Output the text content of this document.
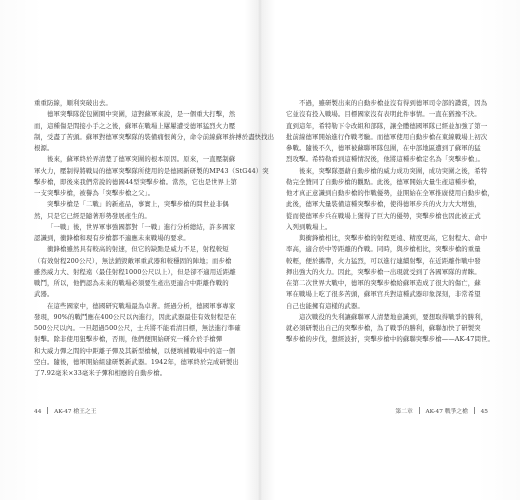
重重防線，順利突破出去。
德軍突擊隊從包圍圈中突圍，這對蘇軍來說，是一個重大打擊，然
而，這種傷是間接小手之之後，蘇軍在戰場上屢屢遭受德軍猛烈火力壓
制，受盡了苦頭。蘇軍對德軍突擊隊的裝備痛恨萬分，命令前線蘇軍拚搏於盡快找出
根源。
後來，蘇軍終於弄清楚了德軍突圍的根本原因。原來，一直壓制蘇
軍火力，壓制得將戰局的德軍突擊隊所使用的是德國新研製的MP43（StG44）突
擊步槍，即後來我們常說的德國44型突擊步槍。當然，它也是世界上第
一支突擊步槍，被譽為「突擊步槍之父」。
突擊步槍是「二戰」的新產品，事實上，突擊步槍的問世並非偶
然，只是它已經是隨著形勢發展產生的。
「一戰」後，世界軍事強國都對「一戰」進行分析總結，許多國家
認識到，衝鋒槍和現有步槍都不適應未來戰場的要求。
衝鋒槍雖然具有較高的射速，但它的缺點是威力不足，射程較短
（有效射程200公尺），無法銷毀敵軍重武器和較穩固的陣地；而步槍
雖然威力大、射程遠（最佳射程1000公尺以上），但是卻不適用近距離
戰鬥，所以，他們認為未來的戰場必須要生產出更適合中距離作戰的
武器。
在這些國家中，德國研究戰場最為卓著。經過分析，德國軍事專家
發現，90%的戰鬥應在400公尺以內進行，因此武器最佳有效射程是在
500公尺以內。一旦超過500公尺，士兵將不能看清目標，無法進行準確
射擊。除非使用狙擊步槍，否則，他們便開始研究一種介於手槍彈
和大威力彈之間的中距離子彈及其新型槍械，以便填補戰場中的這一個
空白。隨後，德軍開始組建研製新武器。1942年，德軍終於完成研製出
了7.92毫米×33毫米子彈和相應的自動步槍。
44 AK-47 槍王之王
不過，雖研製出來的自動步槍並沒有得到德軍司令部的讚賞，因為
它並沒有投入戰場。目標國家沒有表明此件事情。一直在猶豫不決。
直到這年，希特勒下令改組和部隊，讓全體德國軍隊已經並加強了第一
批前線德軍開始進行作戰考驗。而德軍使用自動步槍在東線戰場上初次
參戰。隨後不久，德軍被蘇聯軍隊包圍，在中部地區遭到了蘇軍的猛
烈攻擊。希特勒看到這種情況後，他將這種步槍定名為「突擊步槍」。
後來，突擊隊憑藉自動步槍的威力成功突圍，成功突圍之後，希特
勒完全贊同了自動步槍的觀點。此後，德軍開始大量生產這種步槍，
他才真正意識到自動步槍的作戰優勢，並開始在全軍推廣使用自動步槍，
此後，德軍大量裝備這種突擊步槍，使得德軍步兵的火力大大增強，
從而使德軍步兵在戰場上獲得了巨大的優勢，突擊步槍也因此被正式
入列到戰場上。
與衝鋒槍相比，突擊步槍的射程更遠、精度更高，它射程大、命中
率高，適合於中等距離的作戰。同時，與步槍相比，突擊步槍的重量
較輕，便於攜帶，火力猛烈，可以進行連續射擊，在近距離作戰中發
揮出強大的火力。因此，突擊步槍一出現就受到了各國軍隊的青睞。
在第二次世界大戰中，德軍的突擊步槍給蘇軍造成了很大的傷亡，蘇
軍在戰場上吃了很多苦頭，蘇軍官兵對這種武器印象深刻，非常希望
自己也能擁有這樣的武器。
這次戰役的失利讓蘇聯軍人清楚地意識到，要想取得戰爭的勝利，
就必須研製出自己的突擊步槍，為了戰爭的勝利，蘇聯加快了研製突
擊步槍的步伐，想經波折，突擊步槍中的蘇聯突擊步槍——AK-47問世。
第二章 AK-47 戰爭之槍 45
